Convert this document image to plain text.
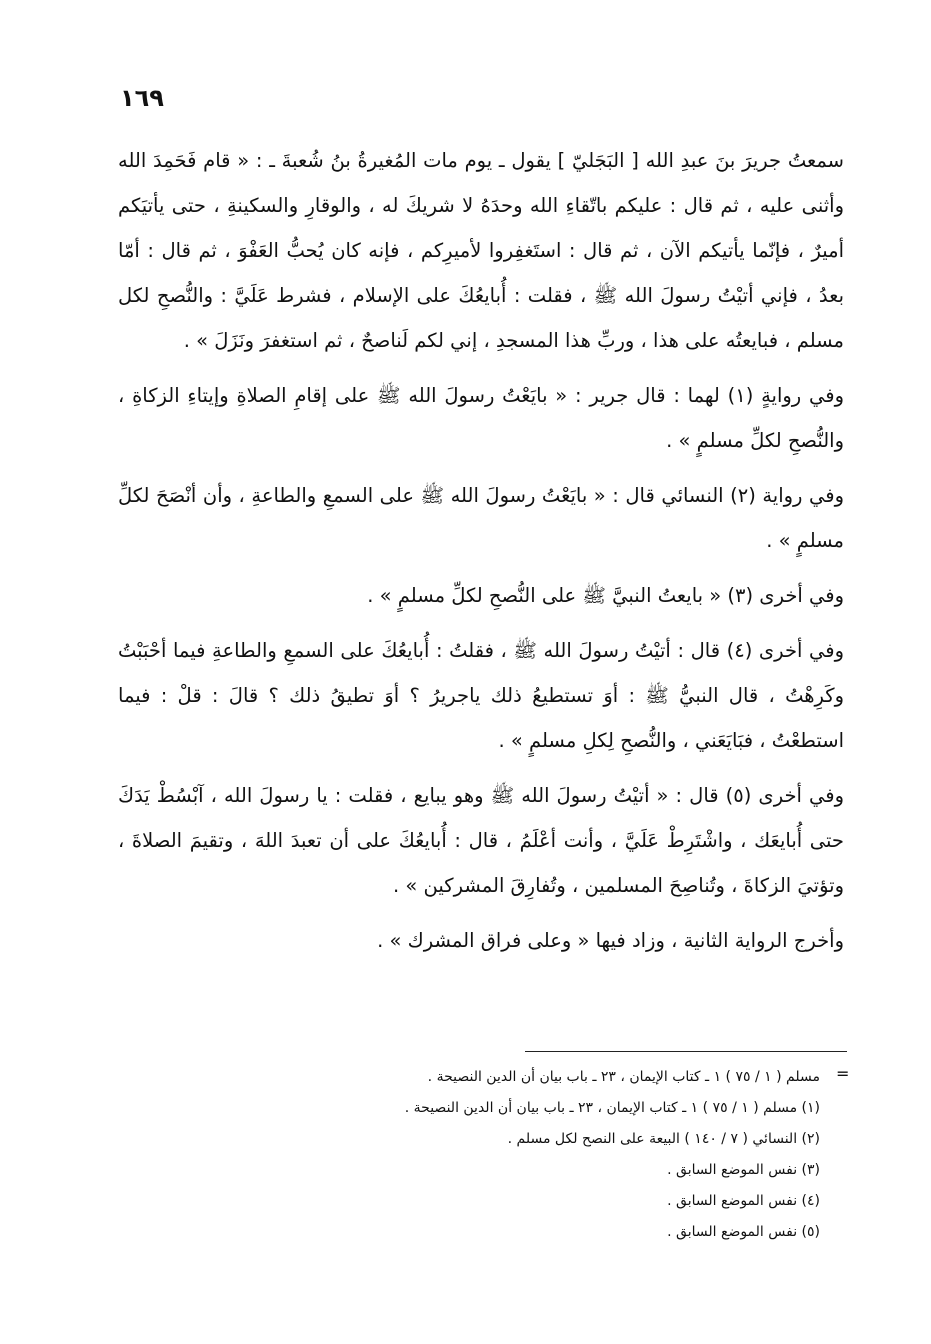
١٦٩

سمعتُ جريرَ بنَ عبدِ الله [ البَجَليّ ] يقول ـ يوم مات المُغيرةُ بنُ شُعبةَ ـ : « قام فَحَمِدَ الله وأثنى عليه ، ثم قال : عليكم باتّقاءِ الله وحدَهُ لا شريكَ له ، والوقارِ والسكينةِ ، حتى يأتيَكم أميرٌ ، فإنّما يأتيكم الآن ، ثم قال : استَغفِروا لأميرِكم ، فإنه كان يُحبُّ العَفْوَ ، ثم قال : أمّا بعدُ ، فإني أتيْتُ رسولَ الله ﷺ ، فقلت : أُبايعُكَ على الإسلام ، فشرط عَلَيَّ : والنُّصحِ لكل مسلم ، فبايعتُه على هذا ، وربِّ هذا المسجدِ ، إني لكم لَناصحٌ ، ثم استغفرَ ونَزَلَ » .

وفي روايةٍ (١) لهما : قال جرير : « بايَعْتُ رسولَ الله ﷺ على إقامِ الصلاةِ وإيتاءِ الزكاةِ ، والنُّصحِ لكلِّ مسلمٍ » .

وفي رواية (٢) النسائي قال : « بايَعْتُ رسولَ الله ﷺ على السمعِ والطاعةِ ، وأن أنْصَحَ لكلِّ مسلمٍ » .

وفي أخرى (٣) « بايعتُ النبيَّ ﷺ على النُّصحِ لكلِّ مسلمٍ » .

وفي أخرى (٤) قال : أتيْتُ رسولَ الله ﷺ ، فقلتُ : أُبايعُكَ على السمعِ والطاعةِ فيما أحْبَبْتُ وكَرِهْتُ ، قال النبيُّ ﷺ : أوَ تستطيعُ ذلك ياجريرُ ؟ أوَ تطيقُ ذلك ؟ قالَ : قلْ : فيما استطعْتُ ، فبَايَعَني ، والنُّصحِ لِكلِ مسلمٍ » .

وفي أخرى (٥) قال : « أتيْتُ رسولَ الله ﷺ وهو يبايع ، فقلت : يا رسولَ الله ، آبْسُطْ يَدَكَ حتى أُبايعَك ، واشْتَرِطْ عَلَيَّ ، وأنت أعْلَمُ ، قال : أُبايعُكَ على أن تعبدَ اللهَ ، وتقيمَ الصلاةَ ، وتؤتيَ الزكاةَ ، وتُناصِحَ المسلمين ، وتُفارِقَ المشركين » .

وأخرج الرواية الثانية ، وزاد فيها « وعلى فراق المشرك » .

=
مسلم ( ١ / ٧٥ ) ١ ـ كتاب الإيمان ، ٢٣ ـ باب بيان أن الدين النصيحة .
(١) مسلم ( ١ / ٧٥ ) ١ ـ كتاب الإيمان ، ٢٣ ـ باب بيان أن الدين النصيحة .
(٢) النسائي ( ٧ / ١٤٠ ) البيعة على النصح لكل مسلم .
(٣) نفس الموضع السابق .
(٤) نفس الموضع السابق .
(٥) نفس الموضع السابق .
